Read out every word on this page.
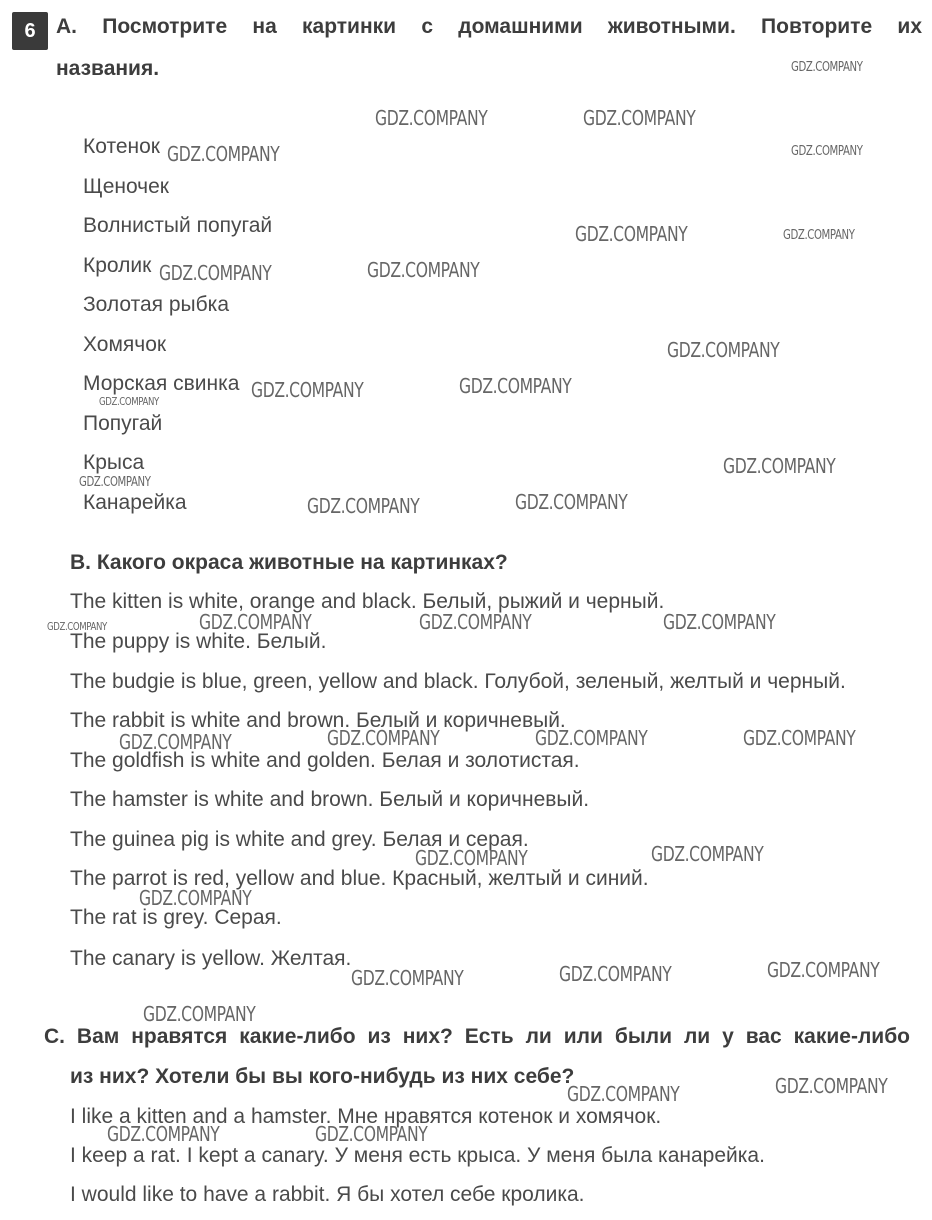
6 A. Посмотрите на картинки с домашними животными. Повторите их
названия.
Котенок
Щеночек
Волнистый попугай
Кролик
Золотая рыбка
Хомячок
Морская свинка
Попугай
Крыса
Канарейка
B. Какого окраса животные на картинках?
The kitten is white, orange and black. Белый, рыжий и черный.
The puppy is white. Белый.
The budgie is blue, green, yellow and black. Голубой, зеленый, желтый и черный.
The rabbit is white and brown. Белый и коричневый.
The goldfish is white and golden. Белая и золотистая.
The hamster is white and brown. Белый и коричневый.
The guinea pig is white and grey. Белая и серая.
The parrot is red, yellow and blue. Красный, желтый и синий.
The rat is grey. Серая.
The canary is yellow. Желтая.
C. Вам нравятся какие-либо из них? Есть ли или были ли у вас какие-либо
из них? Хотели бы вы кого-нибудь из них себе?
I like a kitten and a hamster. Мне нравятся котенок и хомячок.
I keep a rat. I kept a canary. У меня есть крыса. У меня была канарейка.
I would like to have a rabbit. Я бы хотел себе кролика.
GDZ.COMPANY
GDZ.COMPANY	GDZ.COMPANY
GDZ.COMPANY	GDZ.COMPANY
GDZ.COMPANY	GDZ.COMPANY
GDZ.COMPANY	GDZ.COMPANY
GDZ.COMPANY
GDZ.COMPANY	GDZ.COMPANY
GDZ.COMPANY
GDZ.COMPANY
GDZ.COMPANY
GDZ.COMPANY	GDZ.COMPANY
GDZ.COMPANY	GDZ.COMPANY	GDZ.COMPANY
GDZ.COMPANY
GDZ.COMPANY	GDZ.COMPANY	GDZ.COMPANY	GDZ.COMPANY
GDZ.COMPANY	GDZ.COMPANY
GDZ.COMPANY
GDZ.COMPANY	GDZ.COMPANY	GDZ.COMPANY
GDZ.COMPANY
GDZ.COMPANY	GDZ.COMPANY
GDZ.COMPANY	GDZ.COMPANY
